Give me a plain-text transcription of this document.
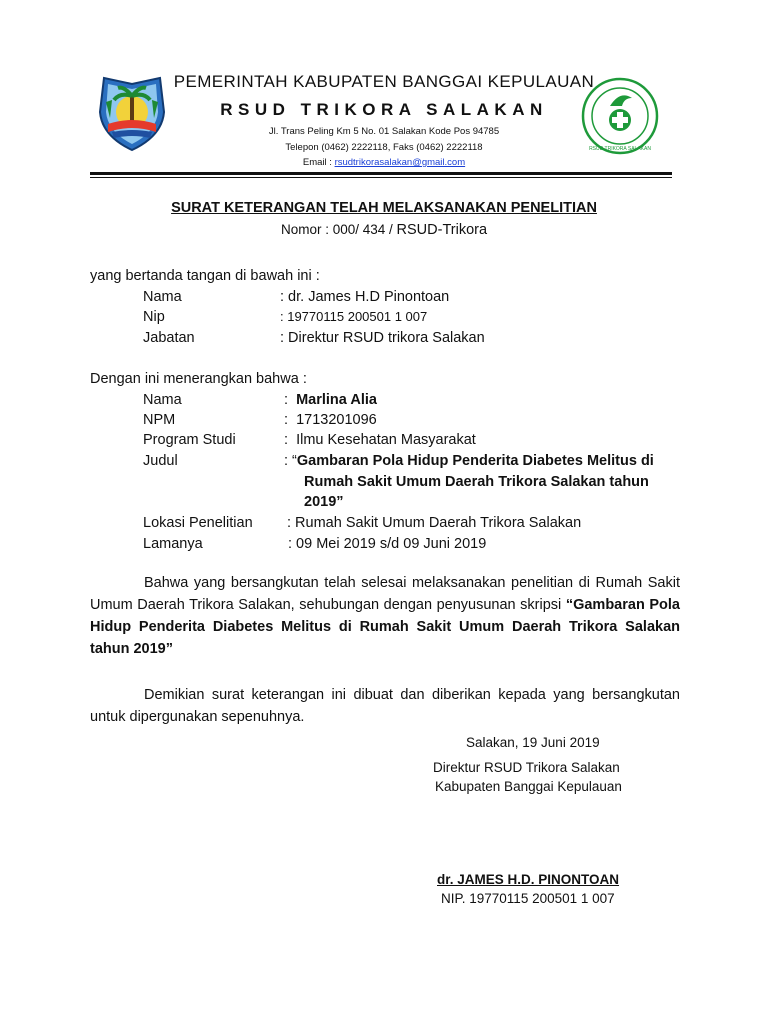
RSUD TRIKORA SALAKAN
PEMERINTAH KABUPATEN BANGGAI KEPULAUAN
RSUD TRIKORA SALAKAN
Jl. Trans Peling Km 5 No. 01 Salakan Kode Pos 94785
Telepon (0462) 2222118, Faks (0462) 2222118
Email : rsudtrikorasalakan@gmail.com
SURAT KETERANGAN TELAH MELAKSANAKAN PENELITIAN
Nomor : 000/ 434 / RSUD-Trikora
yang bertanda tangan di bawah ini :
Nama	: dr. James H.D Pinontoan
Nip	: 19770115 200501 1 007
Jabatan	: Direktur RSUD trikora Salakan
Dengan ini menerangkan bahwa :
Nama	:  Marlina Alia
NPM	:  1713201096
Program Studi	:  Ilmu Kesehatan Masyarakat
Judul	: “Gambaran Pola Hidup Penderita Diabetes Melitus di
Rumah Sakit Umum Daerah Trikora Salakan tahun
2019”
Lokasi Penelitian : Rumah Sakit Umum Daerah Trikora Salakan
Lamanya	: 09 Mei 2019 s/d 09 Juni 2019
Bahwa yang bersangkutan telah selesai melaksanakan penelitian di Rumah Sakit Umum Daerah Trikora Salakan, sehubungan dengan penyusunan skripsi “Gambaran Pola Hidup Penderita Diabetes Melitus di Rumah Sakit Umum Daerah Trikora Salakan tahun 2019”
Demikian surat keterangan ini dibuat dan diberikan kepada yang bersangkutan untuk dipergunakan sepenuhnya.
Salakan, 19 Juni 2019
Direktur RSUD Trikora Salakan
Kabupaten Banggai Kepulauan
dr. JAMES H.D. PINONTOAN
NIP. 19770115 200501 1 007
